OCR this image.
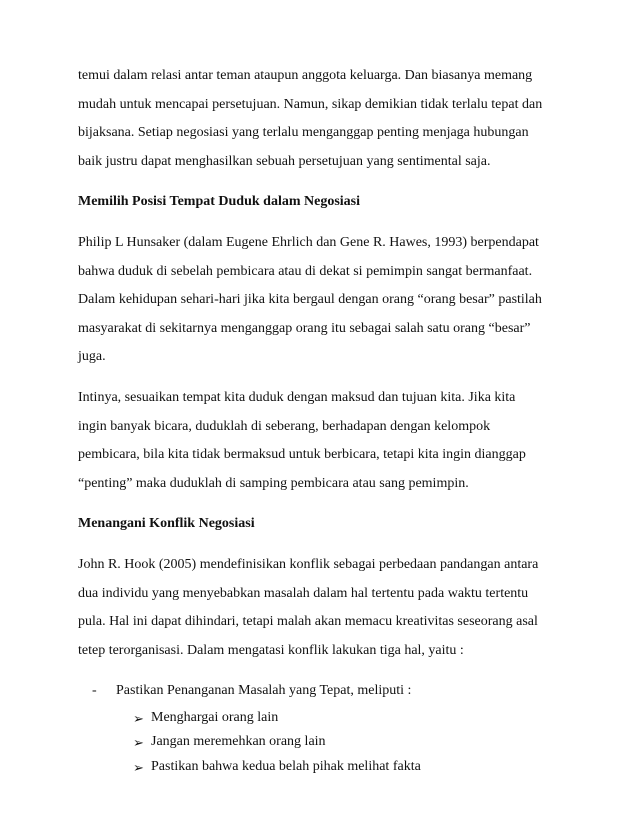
temui dalam relasi antar teman ataupun anggota keluarga. Dan biasanya memang
mudah untuk mencapai persetujuan. Namun, sikap demikian tidak terlalu tepat dan
bijaksana. Setiap negosiasi yang terlalu menganggap penting menjaga hubungan
baik justru dapat menghasilkan sebuah persetujuan yang sentimental saja.
Memilih Posisi Tempat Duduk dalam Negosiasi
Philip L Hunsaker (dalam Eugene Ehrlich dan Gene R. Hawes, 1993) berpendapat
bahwa duduk di sebelah pembicara atau di dekat si pemimpin sangat bermanfaat.
Dalam kehidupan sehari-hari jika kita bergaul dengan orang “orang besar” pastilah
masyarakat di sekitarnya menganggap orang itu sebagai salah satu orang “besar”
juga.
Intinya, sesuaikan tempat kita duduk dengan maksud dan tujuan kita. Jika kita
ingin banyak bicara, duduklah di seberang, berhadapan dengan kelompok
pembicara, bila kita tidak bermaksud untuk berbicara, tetapi kita ingin dianggap
“penting” maka duduklah di samping pembicara atau sang pemimpin.
Menangani Konflik Negosiasi
John R. Hook (2005) mendefinisikan konflik sebagai perbedaan pandangan antara
dua individu yang menyebabkan masalah dalam hal tertentu pada waktu tertentu
pula. Hal ini dapat dihindari, tetapi malah akan memacu kreativitas seseorang asal
tetep terorganisasi. Dalam mengatasi konflik lakukan tiga hal, yaitu :
- Pastikan Penanganan Masalah yang Tepat, meliputi :
➢ Menghargai orang lain
➢ Jangan meremehkan orang lain
➢ Pastikan bahwa kedua belah pihak melihat fakta
